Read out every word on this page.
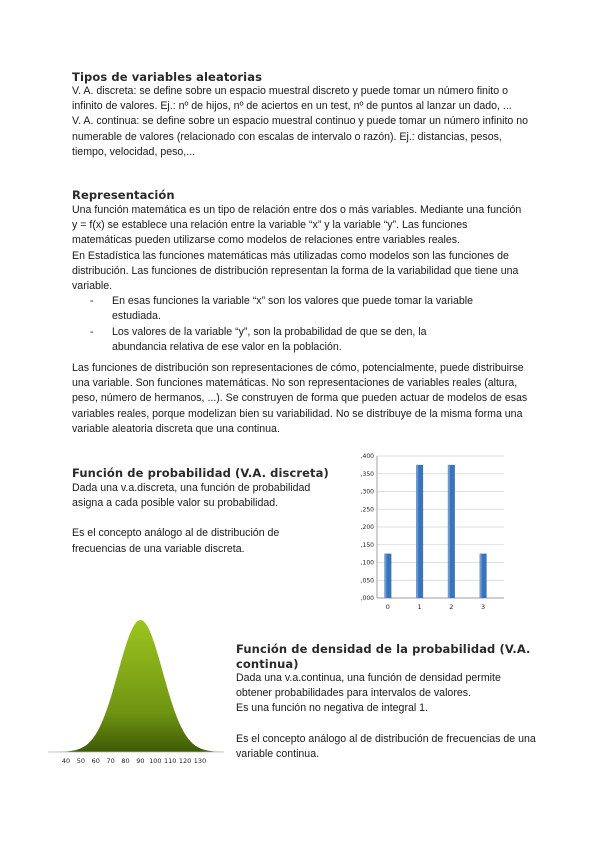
Tipos de variables aleatorias

V. A. discreta: se define sobre un espacio muestral discreto y puede tomar un número finito o infinito de valores. Ej.: nº de hijos, nº de aciertos en un test, nº de puntos al lanzar un dado, ...

V. A. continua: se define sobre un espacio muestral continuo y puede tomar un número infinito no numerable de valores (relacionado con escalas de intervalo o razón). Ej.: distancias, pesos, tiempo, velocidad, peso,...

Representación

Una función matemática es un tipo de relación entre dos o más variables. Mediante una función y = f(x) se establece una relación entre la variable “x” y la variable “y”. Las funciones matemáticas pueden utilizarse como modelos de relaciones entre variables reales.

En Estadística las funciones matemáticas más utilizadas como modelos son las funciones de distribución. Las funciones de distribución representan la forma de la variabilidad que tiene una variable.

-	En esas funciones la variable “x” son los valores que puede tomar la variable estudiada.
-	Los valores de la variable “y”, son la probabilidad de que se den, la abundancia relativa de ese valor en la población.

Las funciones de distribución son representaciones de cómo, potencialmente, puede distribuirse una variable. Son funciones matemáticas. No son representaciones de variables reales (altura, peso, número de hermanos, ...). Se construyen de forma que pueden actuar de modelos de esas variables reales, porque modelizan bien su variabilidad. No se distribuye de la misma forma una variable aleatoria discreta que una continua.

Función de probabilidad (V.A. discreta)

Dada una v.a.discreta, una función de probabilidad asigna a cada posible valor su probabilidad.

Es el concepto análogo al de distribución de frecuencias de una variable discreta.

,000
,050
,100
,150
,200
,250
,300
,350
,400
0	1	2	3
40 50 60 70 80 90 100 110 120 130
Función de densidad de la probabilidad (V.A. continua)

Dada una v.a.continua, una función de densidad permite obtener probabilidades para intervalos de valores.

Es una función no negativa de integral 1.

Es el concepto análogo al de distribución de frecuencias de una variable continua.
